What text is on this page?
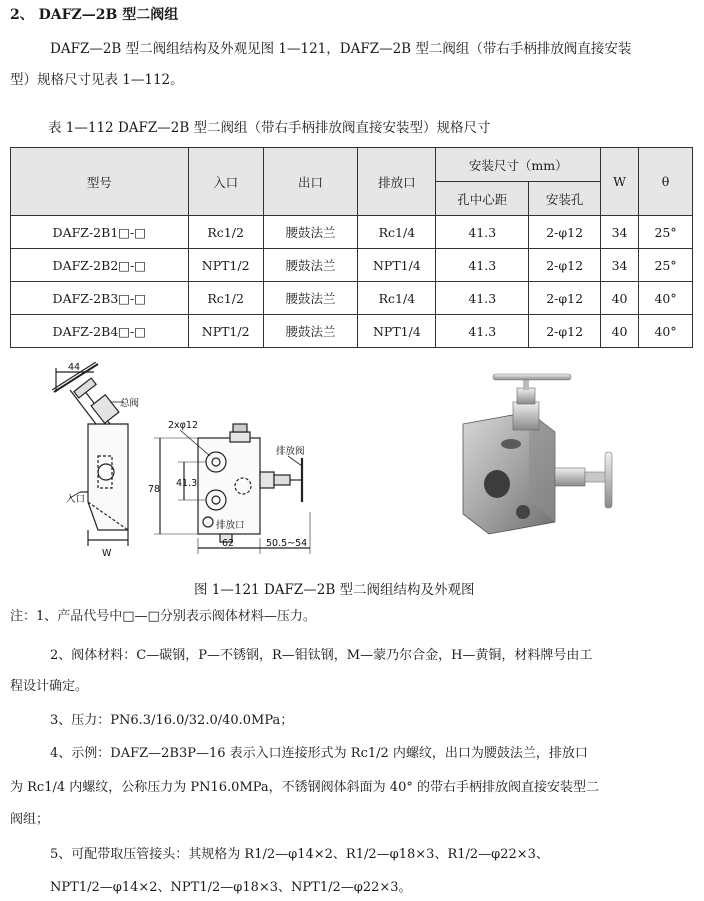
2、 DAFZ—2B 型二阀组
DAFZ—2B 型二阀组结构及外观见图 1—121，DAFZ—2B 型二阀组（带右手柄排放阀直接安装
型）规格尺寸见表 1—112。
表 1—112 DAFZ—2B 型二阀组（带右手柄排放阀直接安装型）规格尺寸
型号	入口	出口	排放口	安装尺寸（mm）		W	θ
				孔中心距	安装孔		
DAFZ-2B1□-□	Rc1/2	腰鼓法兰	Rc1/4	41.3	2-φ12	34	25°
DAFZ-2B2□-□	NPT1/2	腰鼓法兰	NPT1/4	41.3	2-φ12	34	25°
DAFZ-2B3□-□	Rc1/2	腰鼓法兰	Rc1/4	41.3	2-φ12	40	40°
DAFZ-2B4□-□	NPT1/2	腰鼓法兰	NPT1/4	41.3	2-φ12	40	40°
44
总阀
入口
W
2xφ12
78
41.3
排放阀
排放口
62	50.5~54
图 1—121 DAFZ—2B 型二阀组结构及外观图
注：1、产品代号中□—□分别表示阀体材料—压力。
2、阀体材料：C—碳钢，P—不锈钢，R—钼钛钢，M—蒙乃尔合金，H—黄铜，材料牌号由工
程设计确定。
3、压力：PN6.3/16.0/32.0/40.0MPa；
4、示例：DAFZ—2B3P—16 表示入口连接形式为 Rc1/2 内螺纹，出口为腰鼓法兰，排放口
为 Rc1/4 内螺纹，公称压力为 PN16.0MPa，不锈钢阀体斜面为 40° 的带右手柄排放阀直接安装型二
阀组；
5、可配带取压管接头：其规格为 R1/2—φ14×2、R1/2—φ18×3、R1/2—φ22×3、
NPT1/2—φ14×2、NPT1/2—φ18×3、NPT1/2—φ22×3。
